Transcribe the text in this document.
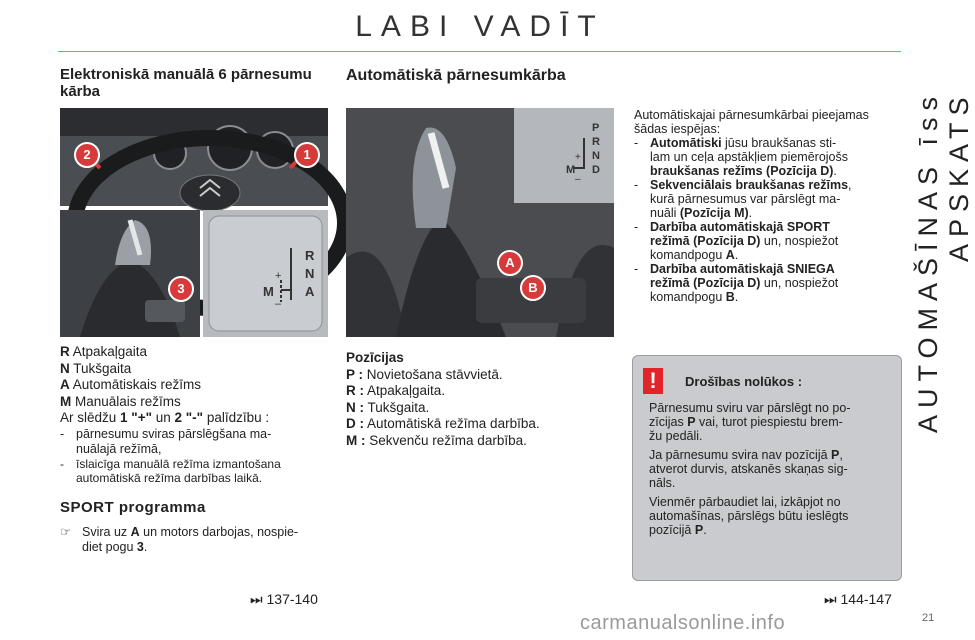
LABI VADĪT
AUTOMAŠĪNAS īss APSKATS
Elektroniskā manuālā 6 pārnesumu kārba
2	1
3
R
N
A
M
+
–
R Atpakaļgaita
N Tukšgaita
A Automātiskais režīms
M Manuālais režīms
Ar slēdžu 1 "+" un 2 "-" palīdzību :
- pārnesumu sviras pārslēgšana ma-
nuālajā režīmā,
-	īslaicīga manuālā režīma izmantošana
automātiskā režīma darbības laikā.
SPORT programma
☞ Svira uz A un motors darbojas, nospie-
diet pogu 3.
⏭ 137-140
Automātiskā pārnesumkārba
P
R
N
D
M
+
–
A
B
Pozīcijas
P : Novietošana stāvvietā.
R : Atpakaļgaita.
N : Tukšgaita.
D : Automātiskā režīma darbība.
M : Sekvenču režīma darbība.
Automātiskajai pārnesumkārbai pieejamas
šādas iespējas:
- Automātiski jūsu braukšanas sti-
lam un ceļa apstākļiem piemērojošs
braukšanas režīms (Pozīcija D).
- Sekvenciālais braukšanas režīms,
kurā pārnesumus var pārslēgt ma-
nuāli (Pozīcija M).
- Darbība automātiskajā SPORT
režīmā (Pozīcija D) un, nospiežot
komandpogu A.
- Darbība automātiskajā SNIEGA
režīmā (Pozīcija D) un, nospiežot
komandpogu B.
!	Drošības nolūkos :
Pārnesumu sviru var pārslēgt no po-
zīcijas P vai, turot piespiestu brem-
žu pedāli.
Ja pārnesumu svira nav pozīcijā P,
atverot durvis, atskanēs skaņas sig-
nāls.
Vienmēr pārbaudiet lai, izkāpjot no
automašīnas, pārslēgs būtu ieslēgts
pozīcijā P.
⏭ 144-147
carmanualsonline.info	21
